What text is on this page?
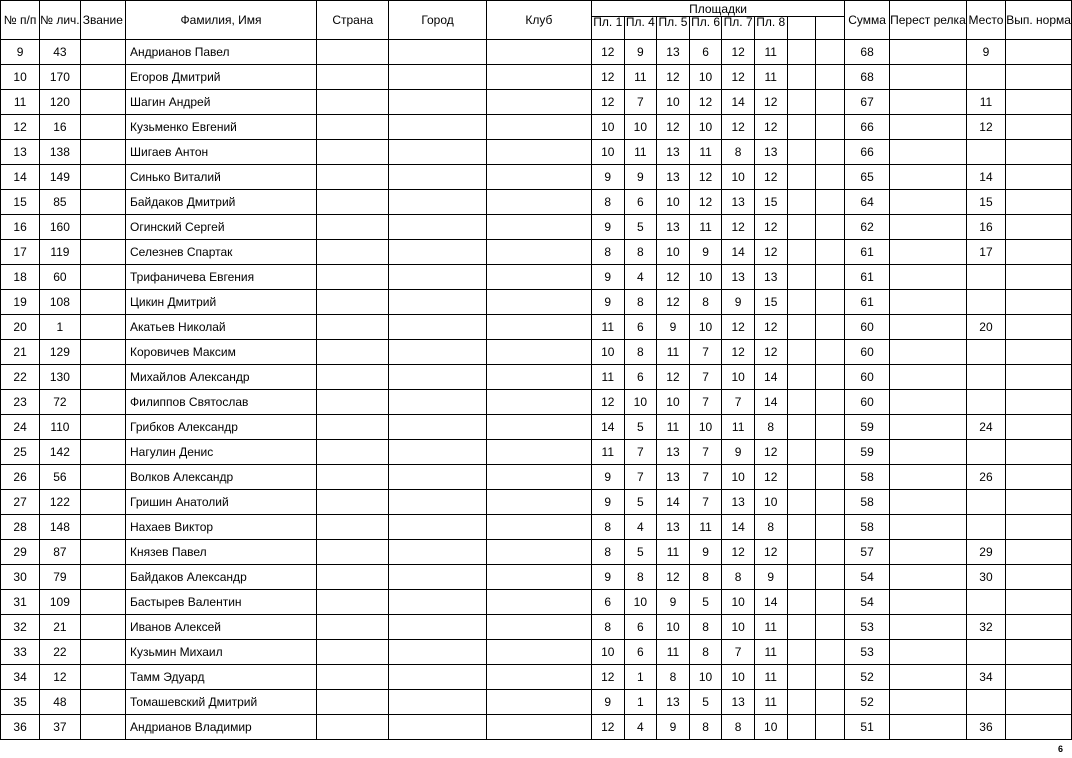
№ п/п	№ лич.	Звание	Фамилия, Имя	Страна	Город	Клуб	Площадки								Сумма	Перест релка	Место	Вып. норма

							Пл. 1	Пл. 4	Пл. 5	Пл. 6	Пл. 7	Пл. 8						

9	43		Андрианов Павел				12	9	13	6	12	11			68		9	
10	170		Егоров Дмитрий				12	11	12	10	12	11			68			
11	120		Шагин Андрей				12	7	10	12	14	12			67		11	
12	16		Кузьменко Евгений				10	10	12	10	12	12			66		12	
13	138		Шигаев Антон				10	11	13	11	8	13			66			
14	149		Синько Виталий				9	9	13	12	10	12			65		14	
15	85		Байдаков Дмитрий				8	6	10	12	13	15			64		15	
16	160		Огинский Сергей				9	5	13	11	12	12			62		16	
17	119		Селезнев Спартак				8	8	10	9	14	12			61		17	
18	60		Трифаничева Евгения				9	4	12	10	13	13			61			
19	108		Цикин Дмитрий				9	8	12	8	9	15			61			
20	1		Акатьев Николай				11	6	9	10	12	12			60		20	
21	129		Коровичев Максим				10	8	11	7	12	12			60			
22	130		Михайлов Александр				11	6	12	7	10	14			60			
23	72		Филиппов Святослав				12	10	10	7	7	14			60			
24	110		Грибков Александр				14	5	11	10	11	8			59		24	
25	142		Нагулин Денис				11	7	13	7	9	12			59			
26	56		Волков Александр				9	7	13	7	10	12			58		26	
27	122		Гришин Анатолий				9	5	14	7	13	10			58			
28	148		Нахаев Виктор				8	4	13	11	14	8			58			
29	87		Князев Павел				8	5	11	9	12	12			57		29	
30	79		Байдаков Александр				9	8	12	8	8	9			54		30	
31	109		Бастырев Валентин				6	10	9	5	10	14			54			
32	21		Иванов Алексей				8	6	10	8	10	11			53		32	
33	22		Кузьмин Михаил				10	6	11	8	7	11			53			
34	12		Тамм Эдуард				12	1	8	10	10	11			52		34	
35	48		Томашевский Дмитрий				9	1	13	5	13	11			52			
36	37		Андрианов Владимир				12	4	9	8	8	10			51		36	
6
